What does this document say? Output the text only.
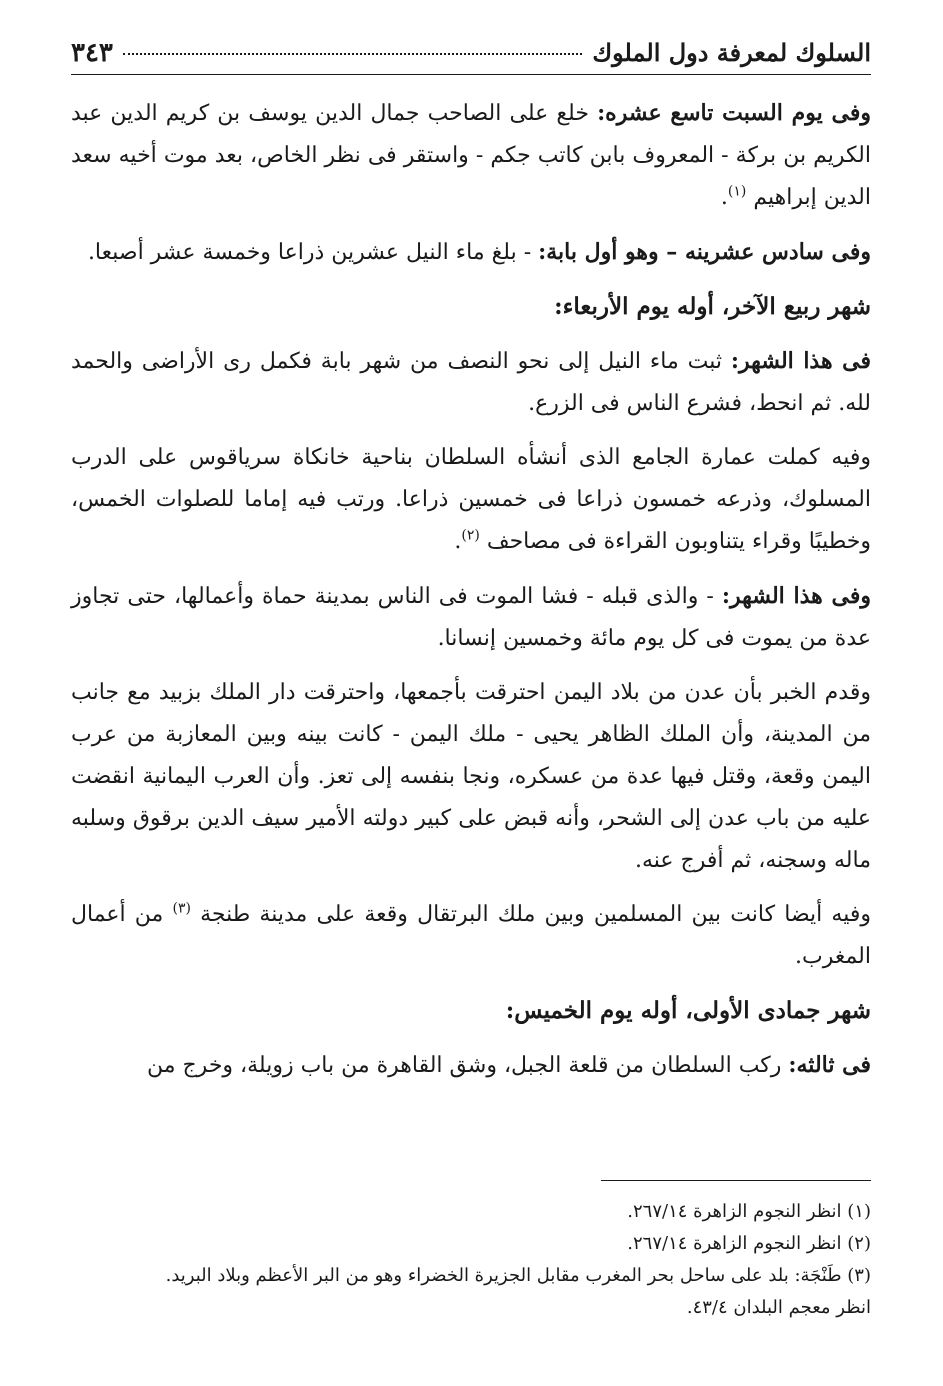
السلوك لمعرفة دول الملوك
٣٤٣

وفى يوم السبت تاسع عشره: خلع على الصاحب جمال الدين يوسف بن كريم الدين عبد الكريم بن بركة - المعروف بابن كاتب جكم - واستقر فى نظر الخاص، بعد موت أخيه سعد الدين إبراهيم $^{(١)}$.

وفى سادس عشرينه – وهو أول بابة: - بلغ ماء النيل عشرين ذراعا وخمسة عشر أصبعا.

شهر ربيع الآخر، أوله يوم الأربعاء:

فى هذا الشهر: ثبت ماء النيل إلى نحو النصف من شهر بابة فكمل رى الأراضى والحمد لله. ثم انحط، فشرع الناس فى الزرع.

وفيه كملت عمارة الجامع الذى أنشأه السلطان بناحية خانكاة سرياقوس على الدرب المسلوك، وذرعه خمسون ذراعا فى خمسين ذراعا. ورتب فيه إماما للصلوات الخمس، وخطيبًا وقراء يتناوبون القراءة فى مصاحف $^{(٢)}$.

وفى هذا الشهر: - والذى قبله - فشا الموت فى الناس بمدينة حماة وأعمالها، حتى تجاوز عدة من يموت فى كل يوم مائة وخمسين إنسانا.

وقدم الخبر بأن عدن من بلاد اليمن احترقت بأجمعها، واحترقت دار الملك بزبيد مع جانب من المدينة، وأن الملك الظاهر يحيى - ملك اليمن - كانت بينه وبين المعازبة من عرب اليمن وقعة، وقتل فيها عدة من عسكره، ونجا بنفسه إلى تعز. وأن العرب اليمانية انقضت عليه من باب عدن إلى الشحر، وأنه قبض على كبير دولته الأمير سيف الدين برقوق وسلبه ماله وسجنه، ثم أفرج عنه.

وفيه أيضا كانت بين المسلمين وبين ملك البرتقال وقعة على مدينة طنجة $^{(٣)}$ من أعمال المغرب.

شهر جمادى الأولى، أوله يوم الخميس:

فى ثالثه: ركب السلطان من قلعة الجبل، وشق القاهرة من باب زويلة، وخرج من

(١) انظر النجوم الزاهرة ٢٦٧/١٤.

(٢) انظر النجوم الزاهرة ٢٦٧/١٤.

(٣) طَنْجَة: بلد على ساحل بحر المغرب مقابل الجزيرة الخضراء وهو من البر الأعظم وبلاد البريد.

انظر معجم البلدان ٤٣/٤.
